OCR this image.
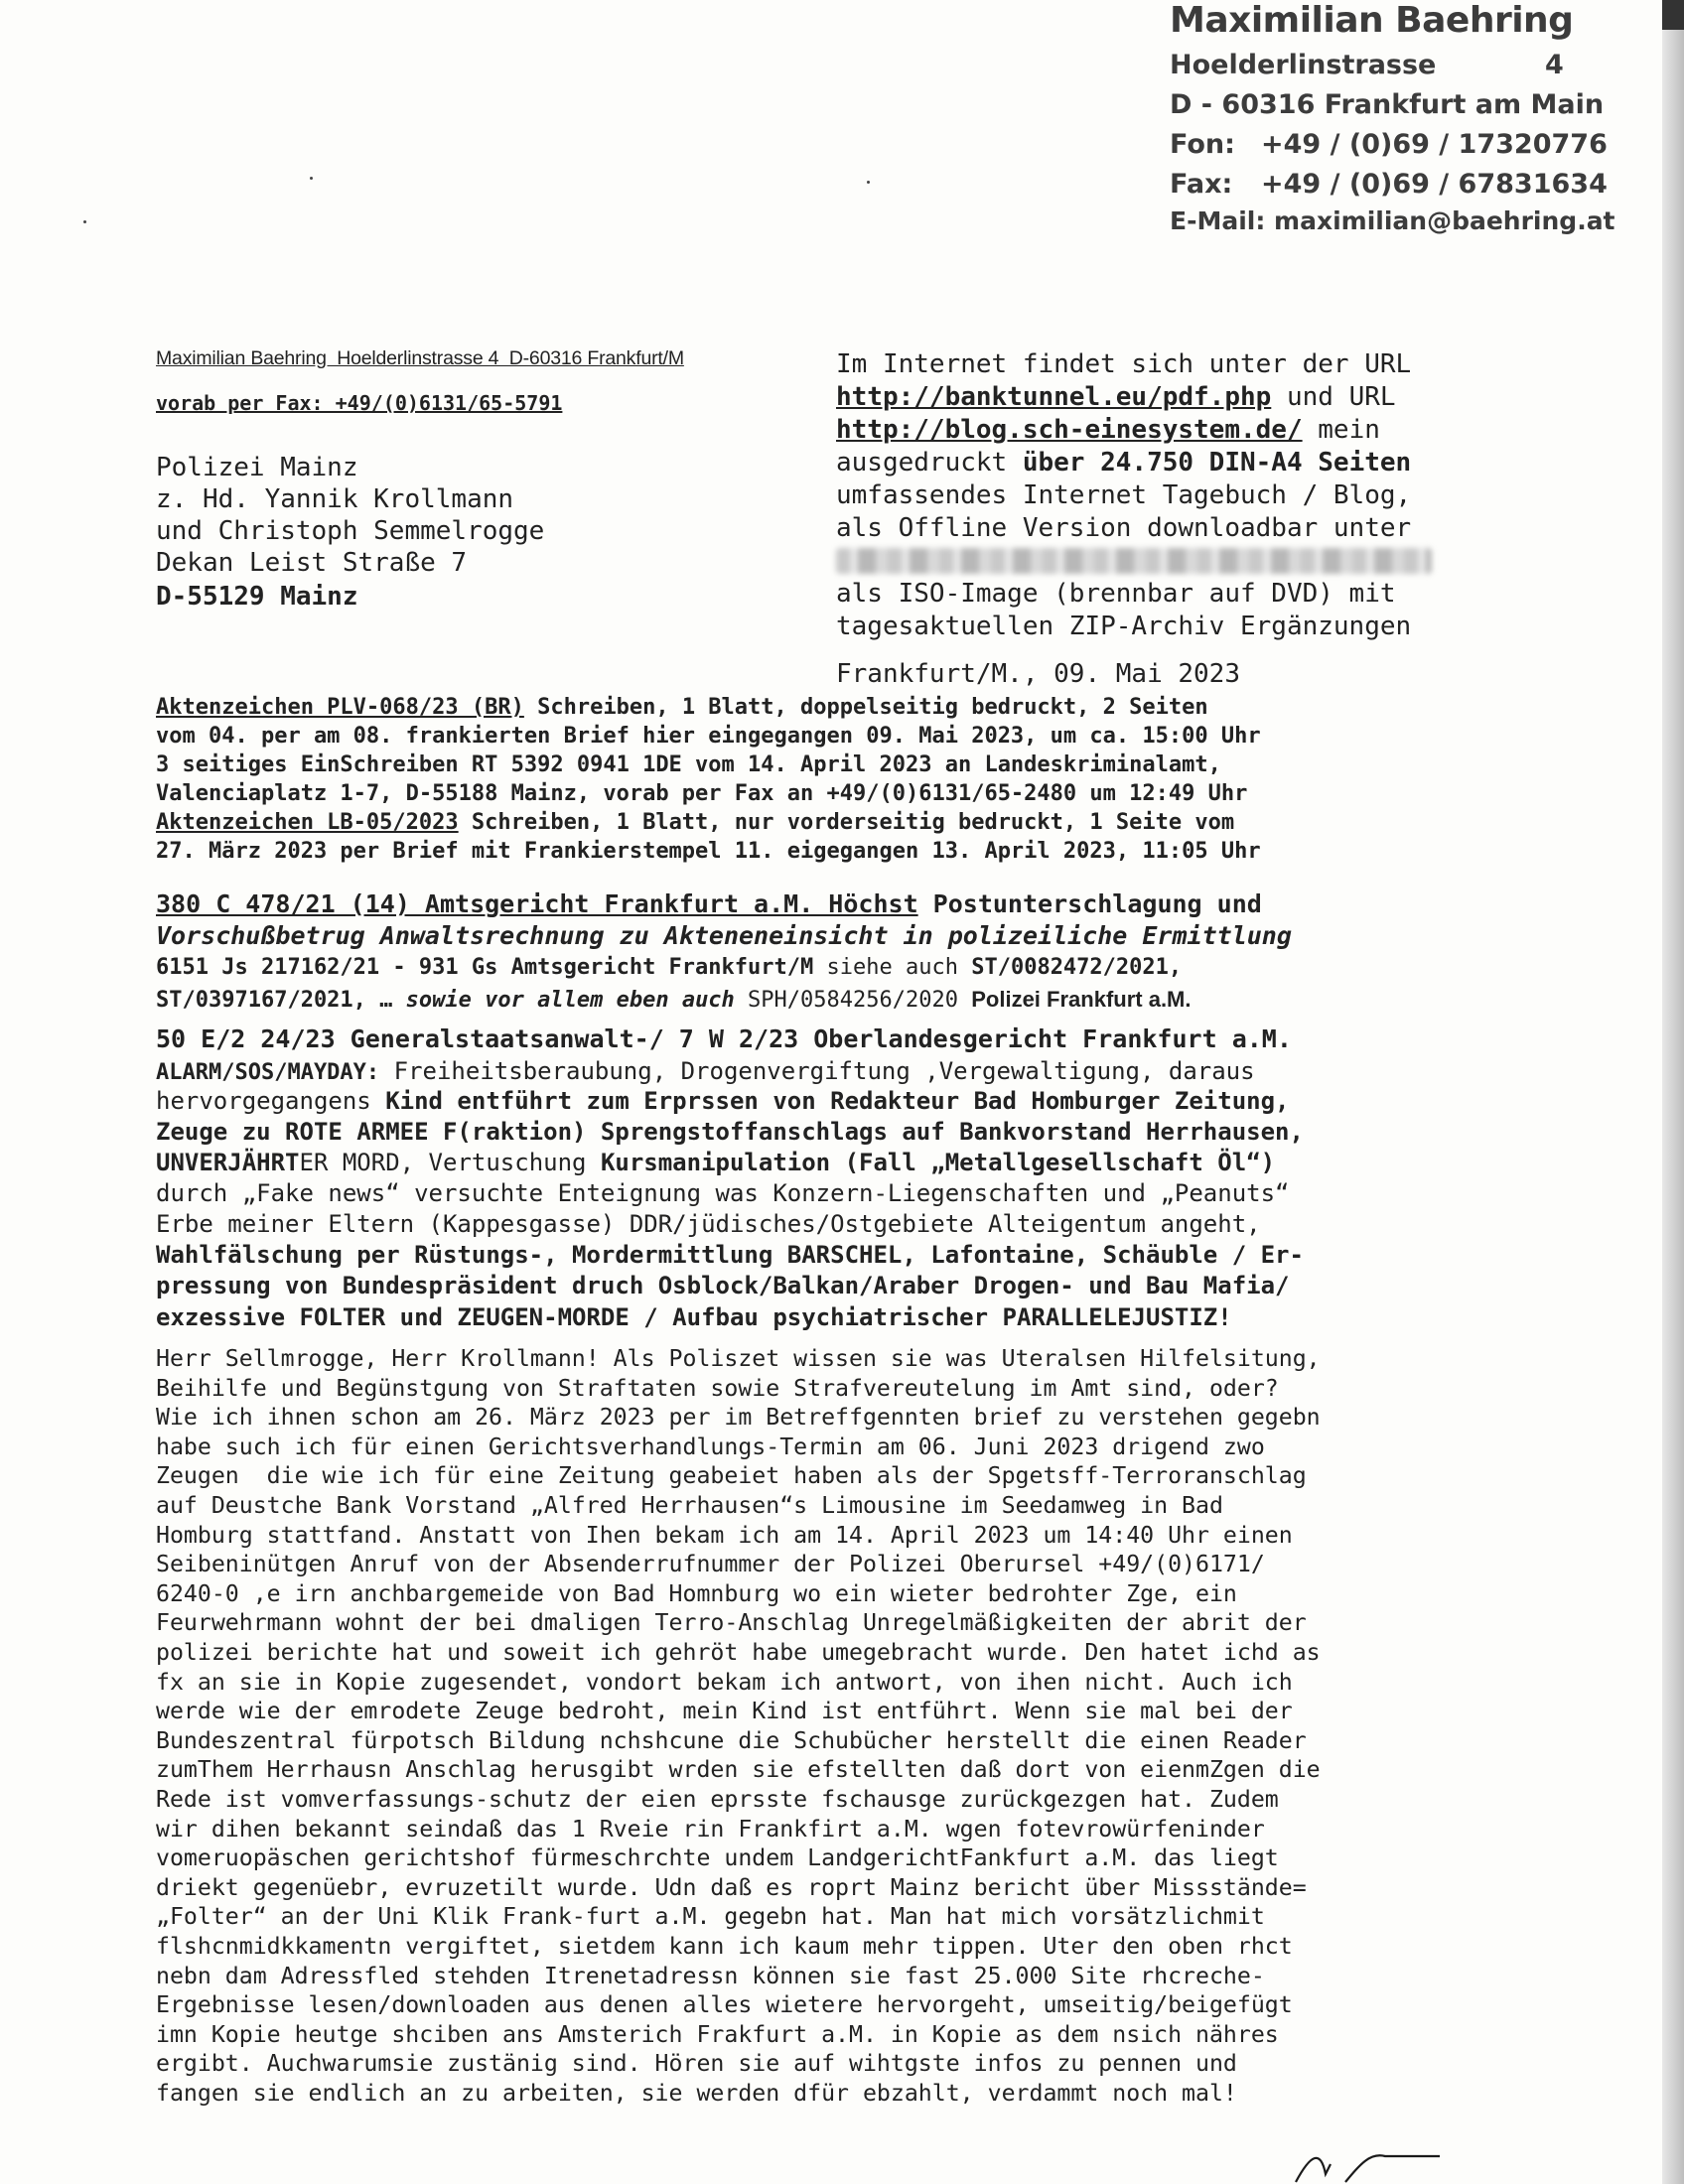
Maximilian Baehring
Hoelderlinstrasse	4
D - 60316 Frankfurt am Main
Fon: +49 / (0)69 / 17320776
Fax: +49 / (0)69 / 67831634
E-Mail: maximilian@baehring.at
Maximilian Baehring  Hoelderlinstrasse 4  D-60316 Frankfurt/M
vorab per Fax: +49/(0)6131/65-5791
Polizei Mainz
z. Hd. Yannik Krollmann
und Christoph Semmelrogge
Dekan Leist Straße 7
D-55129 Mainz
Im Internet findet sich unter der URL
http://banktunnel.eu/pdf.php und URL
http://blog.sch-einesystem.de/ mein
ausgedruckt über 24.750 DIN-A4 Seiten
umfassendes Internet Tagebuch / Blog,
als Offline Version downloadbar unter
als ISO-Image (brennbar auf DVD) mit
tagesaktuellen ZIP-Archiv Ergänzungen
Frankfurt/M., 09. Mai 2023
Aktenzeichen PLV-068/23 (BR) Schreiben, 1 Blatt, doppelseitig bedruckt, 2 Seiten
vom 04. per am 08. frankierten Brief hier eingegangen 09. Mai 2023, um ca. 15:00 Uhr
3 seitiges EinSchreiben RT 5392 0941 1DE vom 14. April 2023 an Landeskriminalamt,
Valenciaplatz 1-7, D-55188 Mainz, vorab per Fax an +49/(0)6131/65-2480 um 12:49 Uhr
Aktenzeichen LB-05/2023 Schreiben, 1 Blatt, nur vorderseitig bedruckt, 1 Seite vom
27. März 2023 per Brief mit Frankierstempel 11. eigegangen 13. April 2023, 11:05 Uhr
380 C 478/21 (14) Amtsgericht Frankfurt a.M. Höchst Postunterschlagung und
Vorschußbetrug Anwaltsrechnung zu Akteneneinsicht in polizeiliche Ermittlung
6151 Js 217162/21 - 931 Gs Amtsgericht Frankfurt/M siehe auch ST/0082472/2021,
ST/0397167/2021, … sowie vor allem eben auch SPH/0584256/2020 Polizei Frankfurt a.M.
50 E/2 24/23 Generalstaatsanwalt-/ 7 W 2/23 Oberlandesgericht Frankfurt a.M.
ALARM/SOS/MAYDAY: Freiheitsberaubung, Drogenvergiftung ,Vergewaltigung, daraus
hervorgegangens Kind entführt zum Erprssen von Redakteur Bad Homburger Zeitung,
Zeuge zu ROTE ARMEE F(raktion) Sprengstoffanschlags auf Bankvorstand Herrhausen,
UNVERJÄHRTER MORD, Vertuschung Kursmanipulation (Fall „Metallgesellschaft Öl“)
durch „Fake news“ versuchte Enteignung was Konzern-Liegenschaften und „Peanuts“
Erbe meiner Eltern (Kappesgasse) DDR/jüdisches/Ostgebiete Alteigentum angeht,
Wahlfälschung per Rüstungs-, Mordermittlung BARSCHEL, Lafontaine, Schäuble / Er-
pressung von Bundespräsident druch Osblock/Balkan/Araber Drogen- und Bau Mafia/
exzessive FOLTER und ZEUGEN-MORDE / Aufbau psychiatrischer PARALLELEJUSTIZ!
Herr Sellmrogge, Herr Krollmann! Als Poliszet wissen sie was Uteralsen Hilfelsitung,
Beihilfe und Begünstgung von Straftaten sowie Strafvereutelung im Amt sind, oder?
Wie ich ihnen schon am 26. März 2023 per im Betreffgennten brief zu verstehen gegebn
habe such ich für einen Gerichtsverhandlungs-Termin am 06. Juni 2023 drigend zwo
Zeugen  die wie ich für eine Zeitung geabeiet haben als der Spgetsff-Terroranschlag
auf Deustche Bank Vorstand „Alfred Herrhausen“s Limousine im Seedamweg in Bad
Homburg stattfand. Anstatt von Ihen bekam ich am 14. April 2023 um 14:40 Uhr einen
Seibeninütgen Anruf von der Absenderrufnummer der Polizei Oberursel +49/(0)6171/
6240-0 ,e irn anchbargemeide von Bad Homnburg wo ein wieter bedrohter Zge, ein
Feurwehrmann wohnt der bei dmaligen Terro-Anschlag Unregelmäßigkeiten der abrit der
polizei berichte hat und soweit ich gehröt habe umegebracht wurde. Den hatet ichd as
fx an sie in Kopie zugesendet, vondort bekam ich antwort, von ihen nicht. Auch ich
werde wie der emrodete Zeuge bedroht, mein Kind ist entführt. Wenn sie mal bei der
Bundeszentral fürpotsch Bildung nchshcune die Schubücher herstellt die einen Reader
zumThem Herrhausn Anschlag herusgibt wrden sie efstellten daß dort von eienmZgen die
Rede ist vomverfassungs-schutz der eien eprsste fschausge zurückgezgen hat. Zudem
wir dihen bekannt seindaß das 1 Rveie rin Frankfirt a.M. wgen fotevrowürfeninder
vomeruopäschen gerichtshof fürmeschrchte undem LandgerichtFankfurt a.M. das liegt
driekt gegenüebr, evruzetilt wurde. Udn daß es roprt Mainz bericht über Missstände=
„Folter“ an der Uni Klik Frank-furt a.M. gegebn hat. Man hat mich vorsätzlichmit
flshcnmidkkamentn vergiftet, sietdem kann ich kaum mehr tippen. Uter den oben rhct
nebn dam Adressfled stehden Itrenetadressn können sie fast 25.000 Site rhcreche-
Ergebnisse lesen/downloaden aus denen alles wietere hervorgeht, umseitig/beigefügt
imn Kopie heutge shciben ans Amsterich Frakfurt a.M. in Kopie as dem nsich nähres
ergibt. Auchwarumsie zustänig sind. Hören sie auf wihtgste infos zu pennen und
fangen sie endlich an zu arbeiten, sie werden dfür ebzahlt, verdammt noch mal!
